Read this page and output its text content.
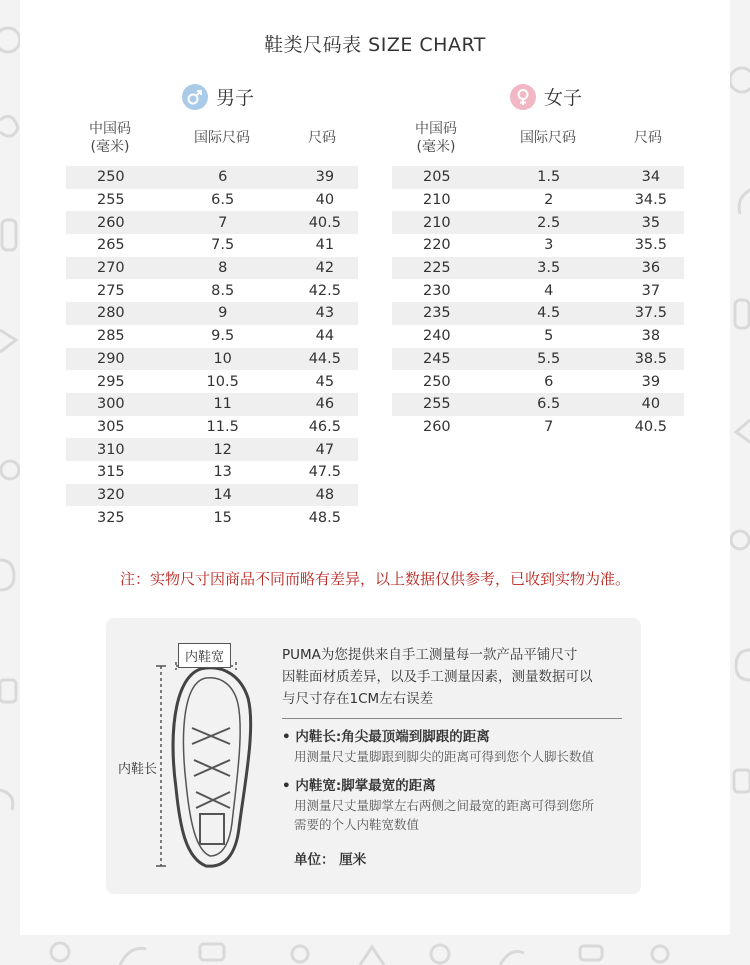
鞋类尺码表 SIZE CHART
男子	女子
中国码
(毫米)
国际尺码	尺码
250	6	39
255	6.5	40
260	7	40.5
265	7.5	41
270	8	42
275	8.5	42.5
280	9	43
285	9.5	44
290	10	44.5
295	10.5	45
300	11	46
305	11.5	46.5
310	12	47
315	13	47.5
320	14	48
325	15	48.5
中国码
(毫米)
国际尺码	尺码
205	1.5	34
210	2	34.5
210	2.5	35
220	3	35.5
225	3.5	36
230	4	37
235	4.5	37.5
240	5	38
245	5.5	38.5
250	6	39
255	6.5	40
260	7	40.5
注：实物尺寸因商品不同而略有差异，以上数据仅供参考，已收到实物为准。
内鞋宽
内鞋长
PUMA为您提供来自手工测量每一款产品平铺尺寸
因鞋面材质差异，以及手工测量因素，测量数据可以
与尺寸存在1CM左右误差
• 内鞋长:角尖最顶端到脚跟的距离
用测量尺丈量脚跟到脚尖的距离可得到您个人脚长数值
• 内鞋宽:脚掌最宽的距离
用测量尺丈量脚掌左右两侧之间最宽的距离可得到您所
需要的个人内鞋宽数值
单位： 厘米
